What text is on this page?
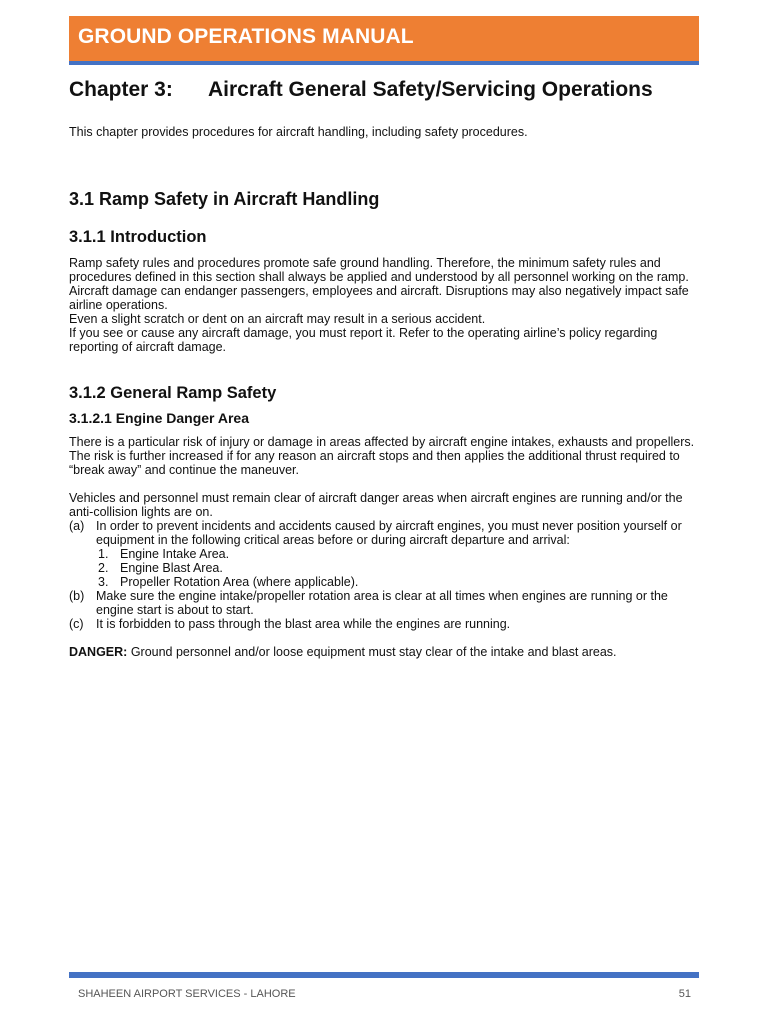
GROUND OPERATIONS MANUAL
Chapter 3: Aircraft General Safety/Servicing Operations

This chapter provides procedures for aircraft handling, including safety procedures.

3.1 Ramp Safety in Aircraft Handling
3.1.1 Introduction

Ramp safety rules and procedures promote safe ground handling. Therefore, the minimum safety rules and procedures defined in this section shall always be applied and understood by all personnel working on the ramp.

Aircraft damage can endanger passengers, employees and aircraft. Disruptions may also negatively impact safe airline operations.

Even a slight scratch or dent on an aircraft may result in a serious accident.

If you see or cause any aircraft damage, you must report it. Refer to the operating airline’s policy regarding reporting of aircraft damage.

3.1.2 General Ramp Safety
3.1.2.1 Engine Danger Area

There is a particular risk of injury or damage in areas affected by aircraft engine intakes, exhausts and propellers. The risk is further increased if for any reason an aircraft stops and then applies the additional thrust required to “break away” and continue the maneuver.

Vehicles and personnel must remain clear of aircraft danger areas when aircraft engines are running and/or the anti-collision lights are on.

(a) In order to prevent incidents and accidents caused by aircraft engines, you must never position yourself or equipment in the following critical areas before or during aircraft departure and arrival:
1. Engine Intake Area.
2. Engine Blast Area.
3. Propeller Rotation Area (where applicable).
(b) Make sure the engine intake/propeller rotation area is clear at all times when engines are running or the engine start is about to start.
(c) It is forbidden to pass through the blast area while the engines are running.

DANGER: Ground personnel and/or loose equipment must stay clear of the intake and blast areas.

SHAHEEN AIRPORT SERVICES - LAHORE	51
